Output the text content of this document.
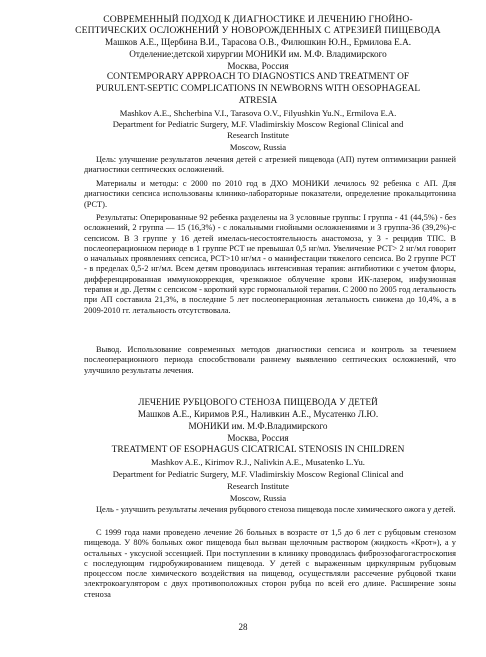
СОВРЕМЕННЫЙ ПОДХОД К ДИАГНОСТИКЕ И ЛЕЧЕНИЮ ГНОЙНО-
СЕПТИЧЕСКИХ ОСЛОЖНЕНИЙ У НОВОРОЖДЕННЫХ С АТРЕЗИЕЙ ПИЩЕВОДА
Машков А.Е., Щербина В.И., Тарасова О.В., Филюшкин Ю.Н., Ермилова Е.А.
Отделение:детской хирургии МОНИКИ им. М.Ф. Владимирского
Москва, Россия
CONTEMPORARY APPROACH TO DIAGNOSTICS AND TREATMENT OF
PURULENT-SEPTIC COMPLICATIONS IN NEWBORNS WITH OESOPHAGEAL
ATRESIA
Mashkov A.E., Shcherbina V.I., Tarasova O.V., Filyushkin Yu.N., Ermilova E.A.
Department for Pediatric Surgery, M.F. Vladimirskiy Moscow Regional Clinical and
Research Institute
Moscow, Russia

Цель: улучшение результатов лечения детей с атрезией пищевода (АП) путем оптимизации ранней диагностики септических осложнений.

Материалы и методы: с 2000 по 2010 год в ДХО МОНИКИ лечилось 92 ребенка с АП. Для диагностики сепсиса использованы клинико-лабораторные показатели, определение прокальцитонина (PCT).

Результаты: Оперированные 92 ребенка разделены на 3 условные группы: I группа - 41 (44,5%) - без осложнений, 2 группа — 15 (16,3%) - с локальными гнойными осложнениями и 3 группа-36 (39,2%)-с сепсисом. В 3 группе у 16 детей имелась-несостоятельность анастомоза, у 3 - рецидив ТПС. В послеоперационном периоде в 1 группе PCT не превышал 0,5 нг/мл. Увеличение PCT> 2 нг/мл говорит о начальных проявлениях сепсиса, PCT>10 нг/мл - о манифестации тяжелого сепсиса. Во 2 группе PCT - в пределах 0,5-2 нг/мл. Всем детям проводилась интенсивная терапия: антибиотики с учетом флоры, дифференцированная иммунокоррекция, чрезкожное облучение крови ИК-лазером, инфузионная терапия и др. Детям с сепсисом - короткий курс гормональной терапии. С 2000 по 2005 год летальность при АП составила 21,3%, в последние 5 лет послеоперационная летальность снижена до 10,4%, а в 2009-2010 гг. летальность отсутствовала.

Вывод. Использование современных методов диагностики сепсиса и контроль за течением послеоперационного периода способствовали раннему выявлению септических осложнений, что улучшило результаты лечения.

ЛЕЧЕНИЕ РУБЦОВОГО СТЕНОЗА ПИЩЕВОДА У ДЕТЕЙ
Машков А.Е., Киримов Р.Я., Наливкин А.Е., Мусатенко Л.Ю.
МОНИКИ им. М.Ф.Владимирского
Москва, Россия
TREATMENT OF ESOPHAGUS CICATRICAL STENOSIS IN CHILDREN
Mashkov A.E., Kirimov R.J., Nalivkin A.E., Musatenko L.Yu.
Department for Pediatric Surgery, M.F. Vladimirskiy Moscow Regional Clinical and
Research Institute
Moscow, Russia

Цель - улучшить результаты лечения рубцового стеноза пищевода после химического ожога у детей.

С 1999 года нами проведено лечение 26 больных в возрасте от 1,5 до 6 лет с рубцовым стенозом пищевода. У 80% больных ожог пищевода был вызван щелочным раствором (жидкость «Крот»), а у остальных - уксусной эссенцией. При поступлении в клинику проводилась фиброэзофагогастроскопия с последующим гидробужированием пищевода. У детей с выраженным циркулярным рубцовым процессом после химического воздействия на пищевод, осуществляли рассечение рубцовой ткани электрокоагулятором с двух противоположных сторон рубца по всей его длине. Расширение зоны стеноза

28
